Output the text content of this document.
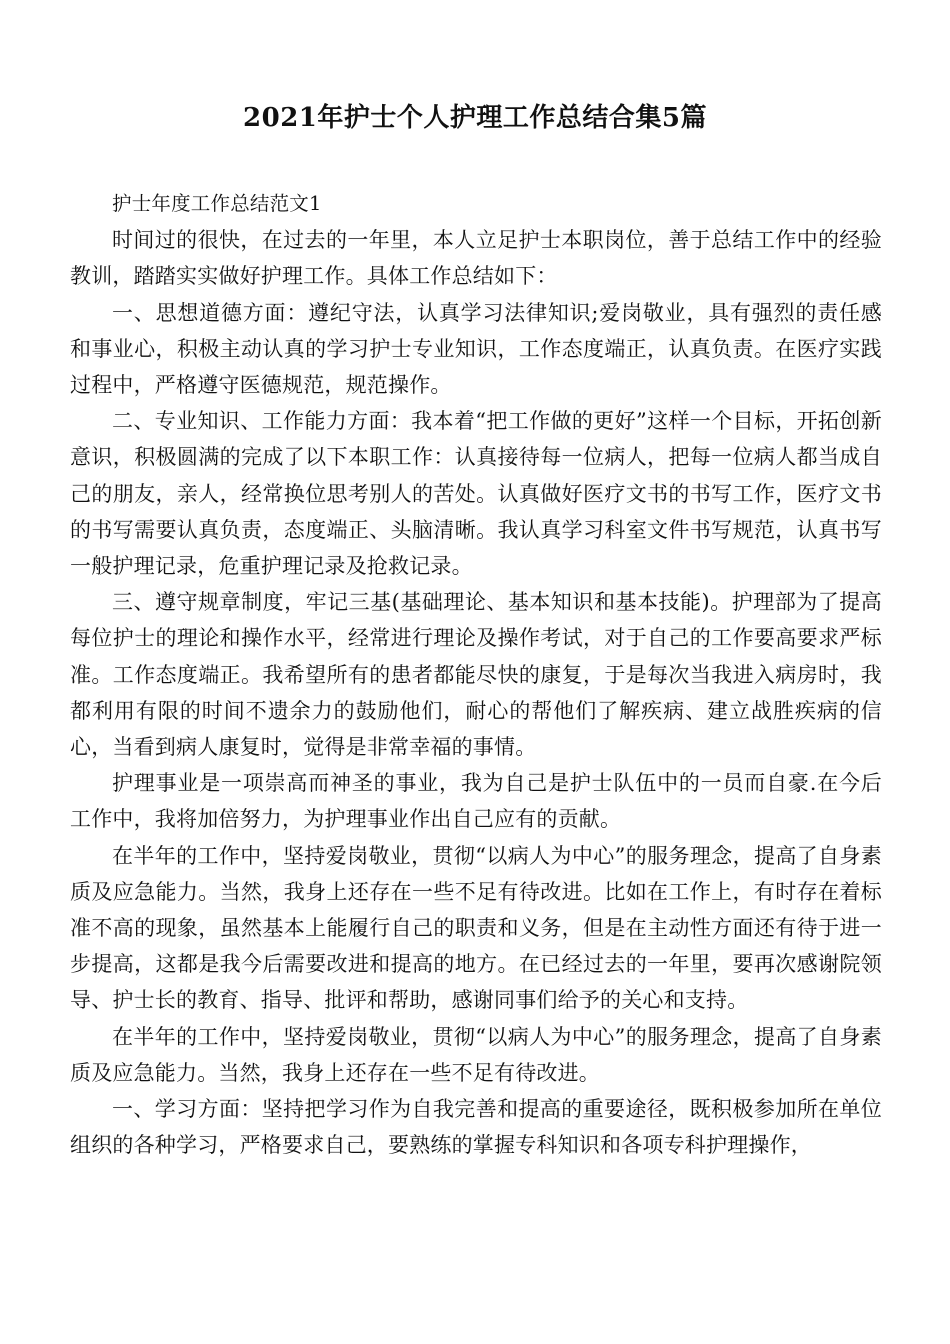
2021年护士个人护理工作总结合集5篇

护士年度工作总结范文1

时间过的很快，在过去的一年里，本人立足护士本职岗位，善于总结工作中的经验教训，踏踏实实做好护理工作。具体工作总结如下：

一、思想道德方面：遵纪守法，认真学习法律知识;爱岗敬业，具有强烈的责任感和事业心，积极主动认真的学习护士专业知识，工作态度端正，认真负责。在医疗实践过程中，严格遵守医德规范，规范操作。

二、专业知识、工作能力方面：我本着“把工作做的更好”这样一个目标，开拓创新意识，积极圆满的完成了以下本职工作：认真接待每一位病人，把每一位病人都当成自己的朋友，亲人，经常换位思考别人的苦处。认真做好医疗文书的书写工作，医疗文书的书写需要认真负责，态度端正、头脑清晰。我认真学习科室文件书写规范，认真书写一般护理记录，危重护理记录及抢救记录。

三、遵守规章制度，牢记三基(基础理论、基本知识和基本技能)。护理部为了提高每位护士的理论和操作水平，经常进行理论及操作考试，对于自己的工作要高要求严标准。工作态度端正。我希望所有的患者都能尽快的康复，于是每次当我进入病房时，我都利用有限的时间不遗余力的鼓励他们，耐心的帮他们了解疾病、建立战胜疾病的信心，当看到病人康复时，觉得是非常幸福的事情。

护理事业是一项崇高而神圣的事业，我为自己是护士队伍中的一员而自豪.在今后工作中，我将加倍努力，为护理事业作出自己应有的贡献。

在半年的工作中，坚持爱岗敬业，贯彻“以病人为中心”的服务理念，提高了自身素质及应急能力。当然，我身上还存在一些不足有待改进。比如在工作上，有时存在着标准不高的现象，虽然基本上能履行自己的职责和义务，但是在主动性方面还有待于进一步提高，这都是我今后需要改进和提高的地方。在已经过去的一年里，要再次感谢院领导、护士长的教育、指导、批评和帮助，感谢同事们给予的关心和支持。

在半年的工作中，坚持爱岗敬业，贯彻“以病人为中心”的服务理念，提高了自身素质及应急能力。当然，我身上还存在一些不足有待改进。

一、学习方面：坚持把学习作为自我完善和提高的重要途径，既积极参加所在单位组织的各种学习，严格要求自己，要熟练的掌握专科知识和各项专科护理操作，
